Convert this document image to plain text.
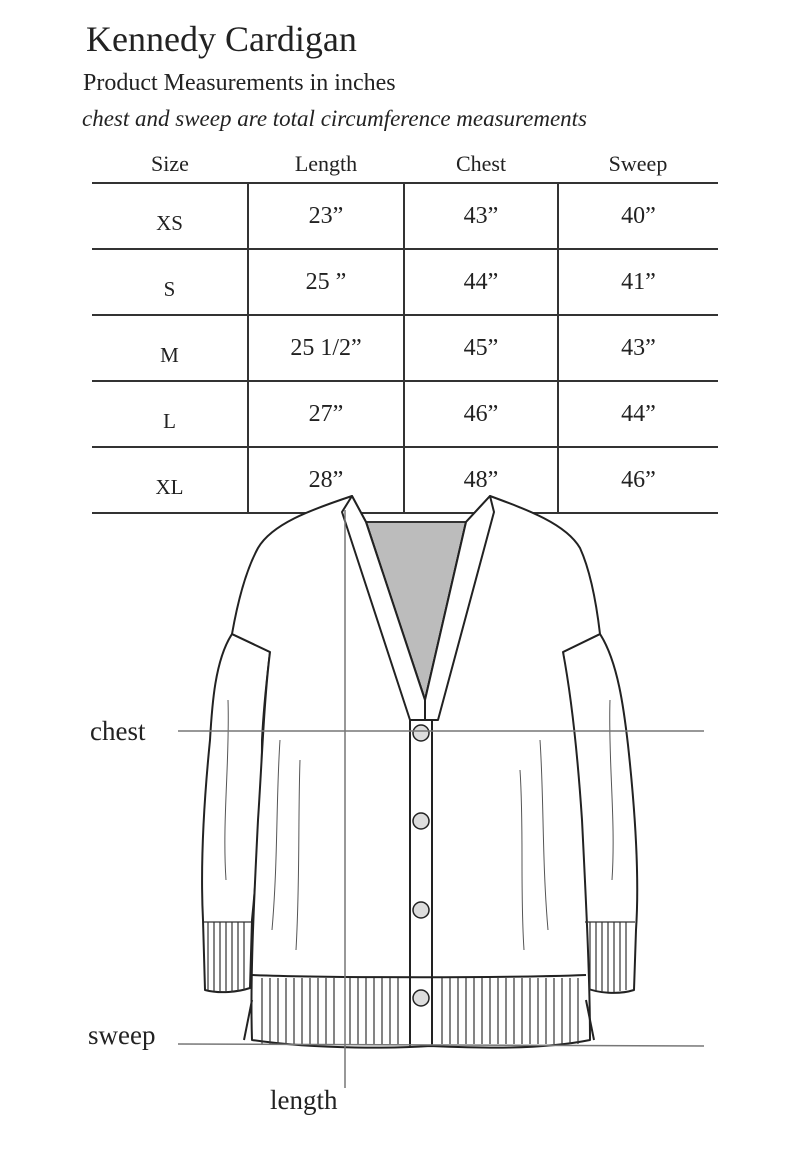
Kennedy Cardigan
Product Measurements in inches
chest and sweep are total circumference measurements
Size	Length	Chest	Sweep
XS	23”	43”	40”
S	25 ”	44”	41”
M	25 1/2”	45”	43”
L	27”	46”	44”
XL	28”	48”	46”
chest
sweep
length
